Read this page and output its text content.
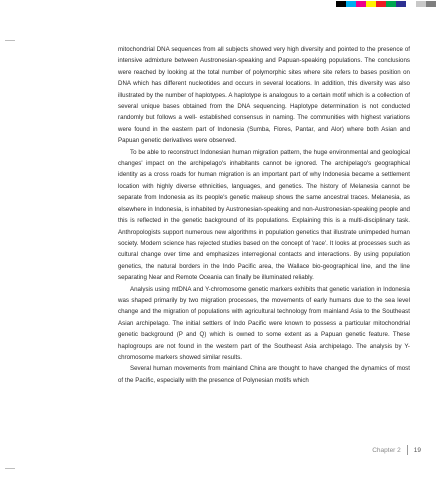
mitochondrial DNA sequences from all subjects showed very high diversity and pointed to the presence of intensive admixture between Austronesian-speaking and Papuan-speaking populations. The conclusions were reached by looking at the total number of polymorphic sites where site refers to bases position on DNA which has different nucleotides and occurs in several locations. In addition, this diversity was also illustrated by the number of haplotypes. A haplotype is analogous to a certain motif which is a collection of several unique bases obtained from the DNA sequencing. Haplotype determination is not conducted randomly but follows a well- established consensus in naming. The communities with highest variations were found in the eastern part of Indonesia (Sumba, Flores, Pantar, and Alor) where both Asian and Papuan genetic derivatives were observed.

To be able to reconstruct Indonesian human migration pattern, the huge environmental and geological changes' impact on the archipelago's inhabitants cannot be ignored. The archipelago's geographical identity as a cross roads for human migration is an important part of why Indonesia became a settlement location with highly diverse ethnicities, languages, and genetics. The history of Melanesia cannot be separate from Indonesia as its people's genetic makeup shows the same ancestral traces. Melanesia, as elsewhere in Indonesia, is inhabited by Austronesian-speaking and non-Austronesian-speaking people and this is reflected in the genetic background of its populations. Explaining this is a multi-disciplinary task. Anthropologists support numerous new algorithms in population genetics that illustrate unimpeded human society. Modern science has rejected studies based on the concept of 'race'. It looks at processes such as cultural change over time and emphasizes interregional contacts and interactions. By using population genetics, the natural borders in the Indo Pacific area, the Wallace bio-geographical line, and the line separating Near and Remote Oceania can finally be illuminated reliably.

Analysis using mtDNA and Y-chromosome genetic markers exhibits that genetic variation in Indonesia was shaped primarily by two migration processes, the movements of early humans due to the sea level change and the migration of populations with agricultural technology from mainland Asia to the Southeast Asian archipelago. The initial settlers of Indo Pacific were known to possess a particular mitochondrial genetic background (P and Q) which is owned to some extent as a Papuan genetic feature. These haplogroups are not found in the western part of the Southeast Asia archipelago. The analysis by Y-chromosome markers showed similar results.

Several human movements from mainland China are thought to have changed the dynamics of most of the Pacific, especially with the presence of Polynesian motifs which

Chapter 2 19
